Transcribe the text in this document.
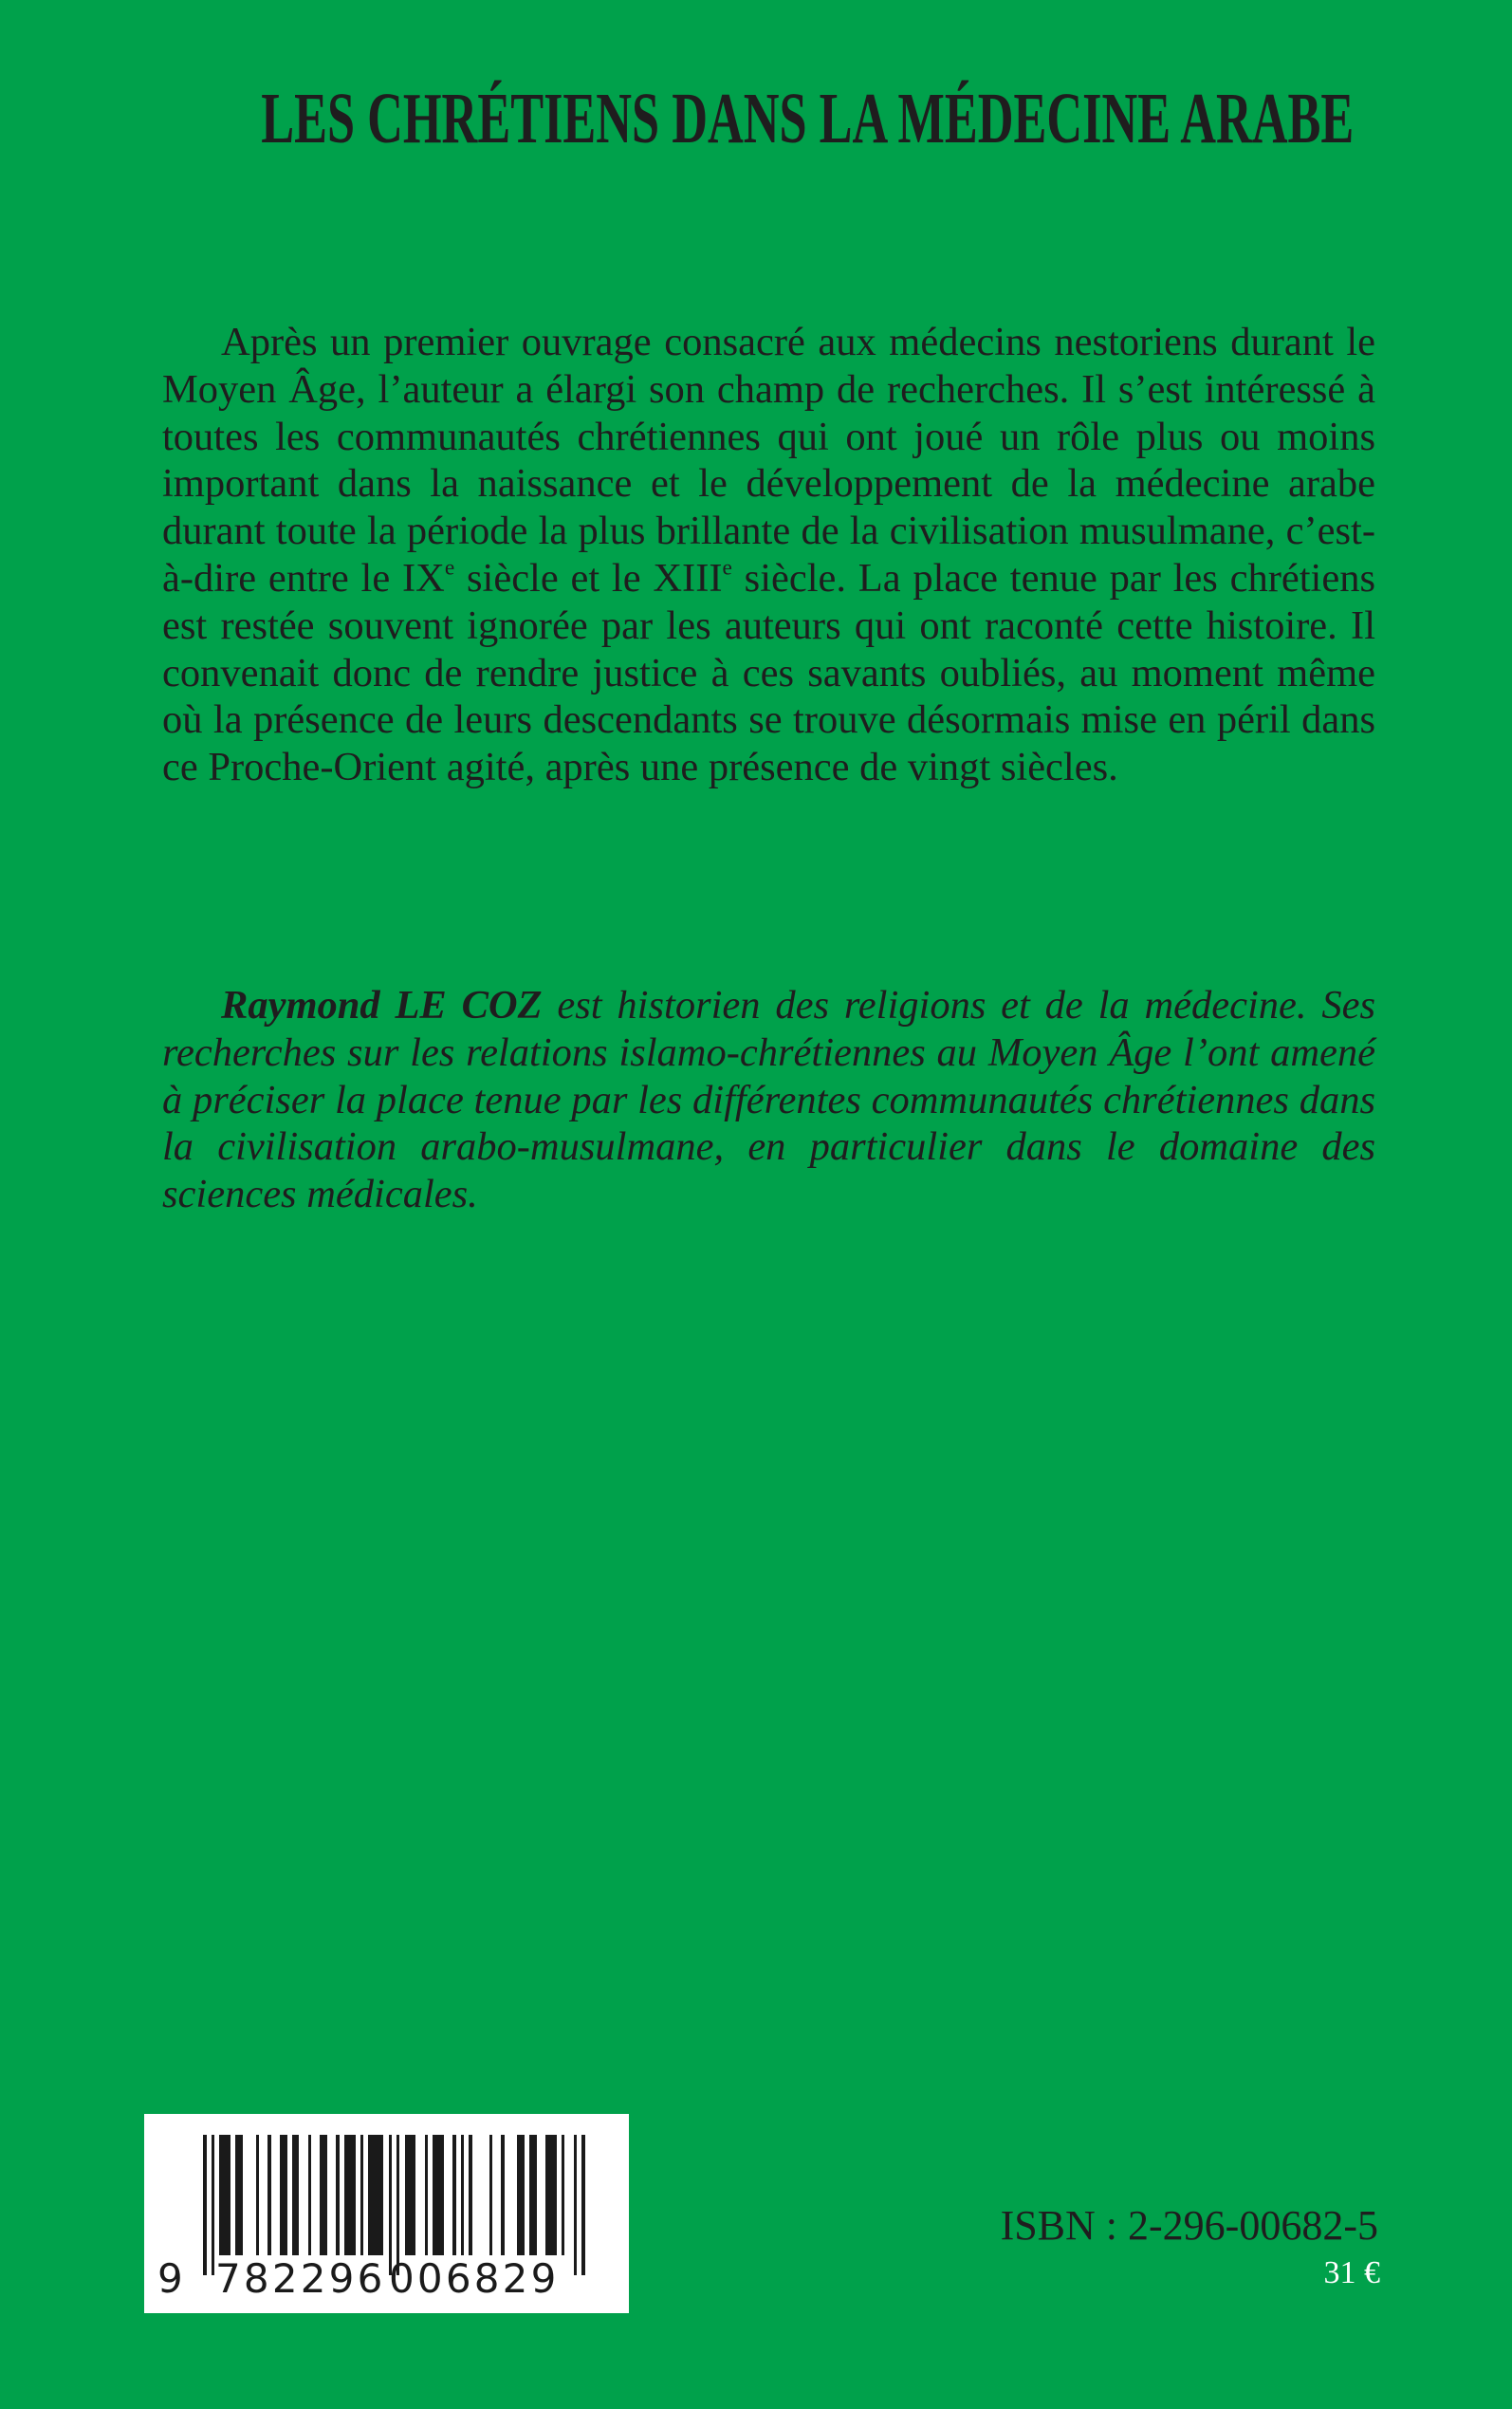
LES CHRÉTIENS DANS LA MÉDECINE ARABE

Après un premier ouvrage consacré aux médecins nestoriens durant le Moyen Âge, l’auteur a élargi son champ de recherches. Il s’est intéressé à toutes les communautés chrétiennes qui ont joué un rôle plus ou moins important dans la naissance et le développement de la médecine arabe durant toute la période la plus brillante de la civilisation musulmane, c’est-à-dire entre le IXe siècle et le XIIIe siècle. La place tenue par les chrétiens est restée souvent ignorée par les auteurs qui ont raconté cette histoire. Il convenait donc de rendre justice à ces savants oubliés, au moment même où la présence de leurs descendants se trouve désormais mise en péril dans ce Proche-Orient agité, après une présence de vingt siècles.

Raymond LE COZ est historien des religions et de la médecine. Ses recherches sur les relations islamo-chrétiennes au Moyen Âge l’ont amené à préciser la place tenue par les différentes communautés chrétiennes dans la civilisation arabo-musulmane, en particulier dans le domaine des sciences médicales.

9 782296 006829
ISBN : 2-296-00682-5
31 €
